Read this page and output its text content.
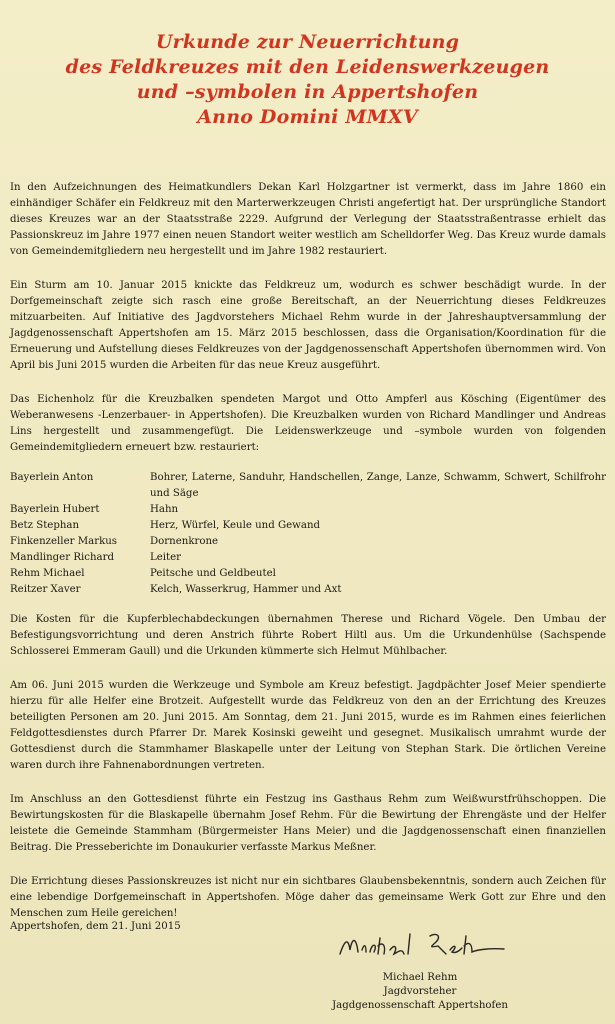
Urkunde zur Neuerrichtung
des Feldkreuzes mit den Leidenswerkzeugen
und –symbolen in Appertshofen
Anno Domini MMXV

In den Aufzeichnungen des Heimatkundlers Dekan Karl Holzgartner ist vermerkt, dass im Jahre 1860 ein einhändiger Schäfer ein Feldkreuz mit den Marterwerkzeugen Christi angefertigt hat. Der ursprüngliche Standort dieses Kreuzes war an der Staatsstraße 2229. Aufgrund der Verlegung der Staatsstraßentrasse erhielt das Passionskreuz im Jahre 1977 einen neuen Standort weiter westlich am Schelldorfer Weg. Das Kreuz wurde damals von Gemeindemitgliedern neu hergestellt und im Jahre 1982 restauriert.

Ein Sturm am 10. Januar 2015 knickte das Feldkreuz um, wodurch es schwer beschädigt wurde. In der Dorfgemeinschaft zeigte sich rasch eine große Bereitschaft, an der Neuerrichtung dieses Feldkreuzes mitzuarbeiten. Auf Initiative des Jagdvorstehers Michael Rehm wurde in der Jahreshauptversammlung der Jagdgenossenschaft Appertshofen am 15. März 2015 beschlossen, dass die Organisation/Koordination für die Erneuerung und Aufstellung dieses Feldkreuzes von der Jagdgenossenschaft Appertshofen übernommen wird. Von April bis Juni 2015 wurden die Arbeiten für das neue Kreuz ausgeführt.

Das Eichenholz für die Kreuzbalken spendeten Margot und Otto Ampferl aus Kösching (Eigentümer des Weberanwesens -Lenzerbauer- in Appertshofen). Die Kreuzbalken wurden von Richard Mandlinger und Andreas Lins hergestellt und zusammengefügt. Die Leidenswerkzeuge und –symbole wurden von folgenden Gemeindemitgliedern erneuert bzw. restauriert:

Bayerlein Anton	Bohrer, Laterne, Sanduhr, Handschellen, Zange, Lanze, Schwamm, Schwert, Schilfrohr und Säge
Bayerlein Hubert	Hahn
Betz Stephan	Herz, Würfel, Keule und Gewand
Finkenzeller Markus	Dornenkrone
Mandlinger Richard	Leiter
Rehm Michael	Peitsche und Geldbeutel
Reitzer Xaver	Kelch, Wasserkrug, Hammer und Axt

Die Kosten für die Kupferblechabdeckungen übernahmen Therese und Richard Vögele. Den Umbau der Befestigungsvorrichtung und deren Anstrich führte Robert Hiltl aus. Um die Urkundenhülse (Sachspende Schlosserei Emmeram Gaull) und die Urkunden kümmerte sich Helmut Mühlbacher.

Am 06. Juni 2015 wurden die Werkzeuge und Symbole am Kreuz befestigt. Jagdpächter Josef Meier spendierte hierzu für alle Helfer eine Brotzeit. Aufgestellt wurde das Feldkreuz von den an der Errichtung des Kreuzes beteiligten Personen am 20. Juni 2015. Am Sonntag, dem 21. Juni 2015, wurde es im Rahmen eines feierlichen Feldgottesdienstes durch Pfarrer Dr. Marek Kosinski geweiht und gesegnet. Musikalisch umrahmt wurde der Gottesdienst durch die Stammhamer Blaskapelle unter der Leitung von Stephan Stark. Die örtlichen Vereine waren durch ihre Fahnenabordnungen vertreten.

Im Anschluss an den Gottesdienst führte ein Festzug ins Gasthaus Rehm zum Weißwurstfrühschoppen. Die Bewirtungskosten für die Blaskapelle übernahm Josef Rehm. Für die Bewirtung der Ehrengäste und der Helfer leistete die Gemeinde Stammham (Bürgermeister Hans Meier) und die Jagdgenossenschaft einen finanziellen Beitrag. Die Presseberichte im Donaukurier verfasste Markus Meßner.

Die Errichtung dieses Passionskreuzes ist nicht nur ein sichtbares Glaubensbekenntnis, sondern auch Zeichen für eine lebendige Dorfgemeinschaft in Appertshofen. Möge daher das gemeinsame Werk Gott zur Ehre und den Menschen zum Heile gereichen!

Appertshofen, dem 21. Juni 2015
Michael Rehm
Jagdvorsteher
Jagdgenossenschaft Appertshofen
